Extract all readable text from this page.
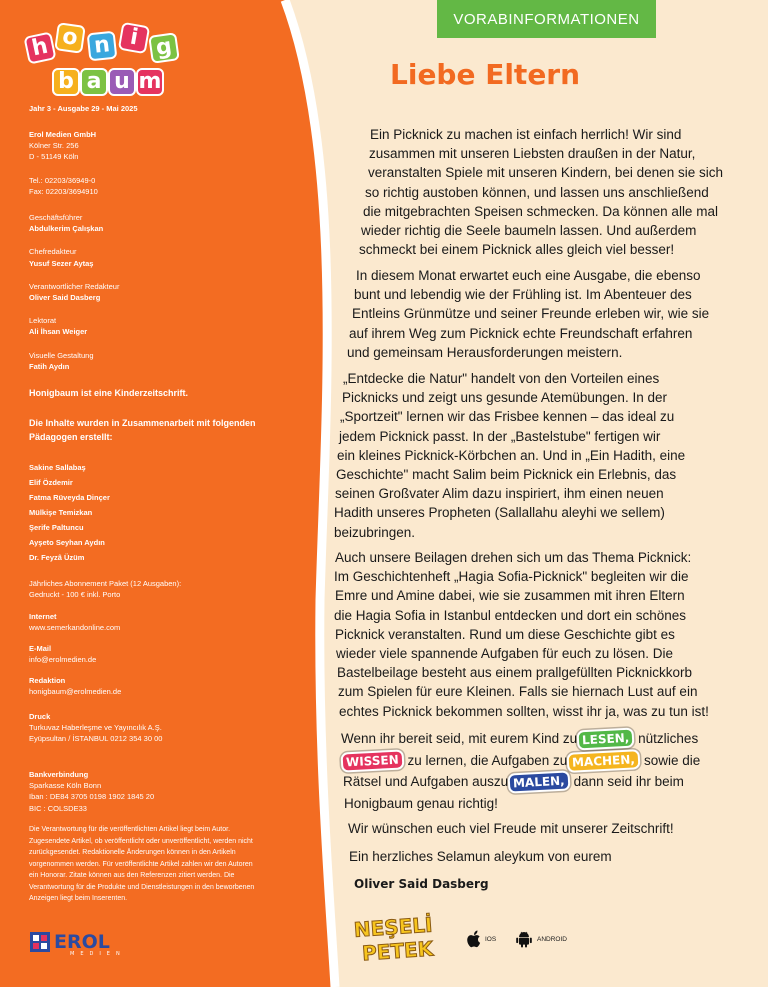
VORABINFORMATIONEN
h o n i g
b a u m
Jahr 3 - Ausgabe 29 - Mai 2025
Erol Medien GmbH
Kölner Str. 256
D - 51149 Köln
Tel.: 02203/36949-0
Fax: 02203/3694910
Geschäftsführer
Abdulkerim Çalışkan
Chefredakteur
Yusuf Sezer Aytaş
Verantwortlicher Redakteur
Oliver Said Dasberg
Lektorat
Ali İhsan Weiger
Visuelle Gestaltung
Fatih Aydın
Honigbaum ist eine Kinderzeitschrift.
Die Inhalte wurden in Zusammenarbeit mit folgenden Pädagogen erstellt:
Sakine Sallabaş
Elif Özdemir
Fatma Rüveyda Dinçer
Mülkişe Temizkan
Şerife Paltuncu
Ayşeto Seyhan Aydın
Dr. Feyzâ Üzüm
Jährliches Abonnement Paket (12 Ausgaben):
Gedruckt - 100 € inkl. Porto
Internet
www.semerkandonline.com
E-Mail
info@erolmedien.de
Redaktion
honigbaum@erolmedien.de
Druck
Turkuvaz Haberleşme ve Yayıncılık A.Ş.
Eyüpsultan / İSTANBUL 0212 354 30 00
Bankverbindung
Sparkasse Köln Bonn
Iban : DE84 3705 0198 1902 1845 20
BIC : COLSDE33
Die Verantwortung für die veröffentlichten Artikel liegt beim Autor. Zugesendete Artikel, ob veröffentlicht oder unveröffentlicht, werden nicht zurückgesendet. Redaktionelle Änderungen können in den Artikeln vorgenommen werden. Für veröffentlichte Artikel zahlen wir den Autoren ein Honorar. Zitate können aus den Referenzen zitiert werden. Die Verantwortung für die Produkte und Dienstleistungen in den beworbenen Anzeigen liegt beim Inserenten.
EROL
MEDIEN
Liebe Eltern
Ein Picknick zu machen ist einfach herrlich! Wir sind
zusammen mit unseren Liebsten draußen in der Natur,
veranstalten Spiele mit unseren Kindern, bei denen sie sich
so richtig austoben können, und lassen uns anschließend
die mitgebrachten Speisen schmecken. Da können alle mal
wieder richtig die Seele baumeln lassen. Und außerdem
schmeckt bei einem Picknick alles gleich viel besser!
In diesem Monat erwartet euch eine Ausgabe, die ebenso
bunt und lebendig wie der Frühling ist. Im Abenteuer des
Entleins Grünmütze und seiner Freunde erleben wir, wie sie
auf ihrem Weg zum Picknick echte Freundschaft erfahren
und gemeinsam Herausforderungen meistern.
„Entdecke die Natur" handelt von den Vorteilen eines
Picknicks und zeigt uns gesunde Atemübungen. In der
„Sportzeit" lernen wir das Frisbee kennen – das ideal zu
jedem Picknick passt. In der „Bastelstube" fertigen wir
ein kleines Picknick-Körbchen an. Und in „Ein Hadith, eine
Geschichte" macht Salim beim Picknick ein Erlebnis, das
seinen Großvater Alim dazu inspiriert, ihm einen neuen
Hadith unseres Propheten (Sallallahu aleyhi we sellem)
beizubringen.
Auch unsere Beilagen drehen sich um das Thema Picknick:
Im Geschichtenheft „Hagia Sofia-Picknick" begleiten wir die
Emre und Amine dabei, wie sie zusammen mit ihren Eltern
die Hagia Sofia in Istanbul entdecken und dort ein schönes
Picknick veranstalten. Rund um diese Geschichte gibt es
wieder viele spannende Aufgaben für euch zu lösen. Die
Bastelbeilage besteht aus einem prallgefüllten Picknickkorb
zum Spielen für eure Kleinen. Falls sie hiernach Lust auf ein
echtes Picknick bekommen sollten, wisst ihr ja, was zu tun ist!
Wenn ihr bereit seid, mit eurem Kind zu LESEN, nützliches
WISSEN zu lernen, die Aufgaben zu MACHEN, sowie die
Rätsel und Aufgaben auszu MALEN, dann seid ihr beim
Honigbaum genau richtig!
Wir wünschen euch viel Freude mit unserer Zeitschrift!
Ein herzliches Selamun aleykum von eurem
Oliver Said Dasberg
NEŞELİ
PETEK	IOS	ANDROID
